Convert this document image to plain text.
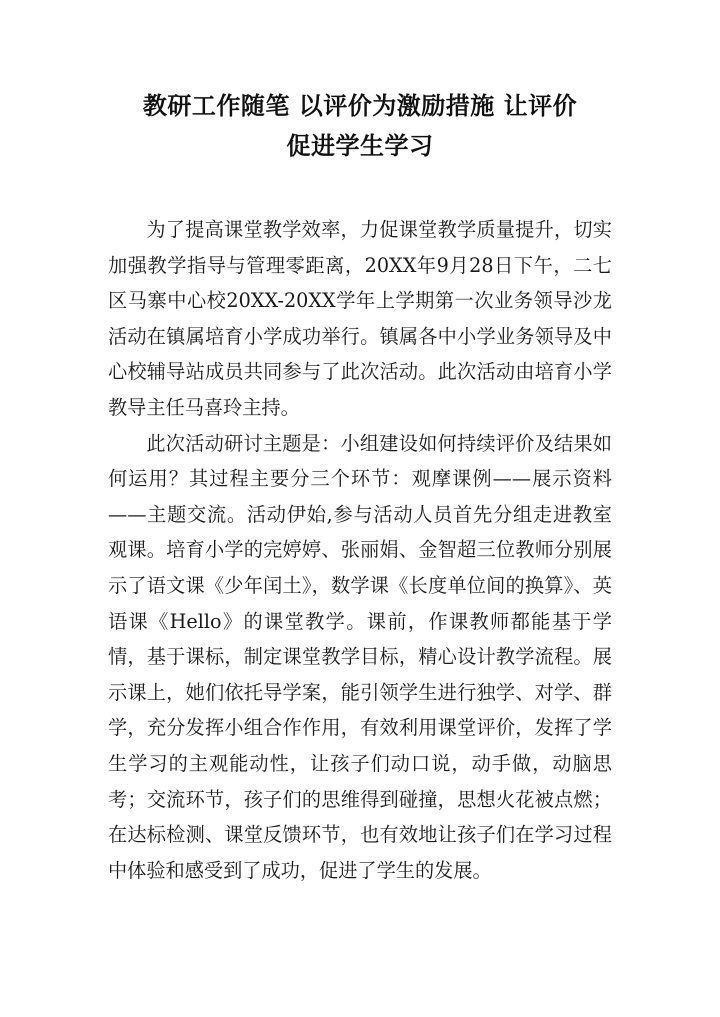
教研工作随笔 以评价为激励措施 让评价
促进学生学习

为了提高课堂教学效率，力促课堂教学质量提升，切实加强教学指导与管理零距离，20XX年9月28日下午，二七区马寨中心校20XX-20XX学年上学期第一次业务领导沙龙活动在镇属培育小学成功举行。镇属各中小学业务领导及中心校辅导站成员共同参与了此次活动。此次活动由培育小学教导主任马喜玲主持。

此次活动研讨主题是：小组建设如何持续评价及结果如何运用？其过程主要分三个环节：观摩课例——展示资料——主题交流。活动伊始,参与活动人员首先分组走进教室观课。培育小学的完婷婷、张丽娟、金智超三位教师分别展示了语文课《少年闰土》，数学课《长度单位间的换算》、英语课《Hello》的课堂教学。课前，作课教师都能基于学情，基于课标，制定课堂教学目标，精心设计教学流程。展示课上，她们依托导学案，能引领学生进行独学、对学、群学，充分发挥小组合作作用，有效利用课堂评价，发挥了学生学习的主观能动性，让孩子们动口说，动手做，动脑思考；交流环节，孩子们的思维得到碰撞，思想火花被点燃；在达标检测、课堂反馈环节，也有效地让孩子们在学习过程中体验和感受到了成功，促进了学生的发展。
